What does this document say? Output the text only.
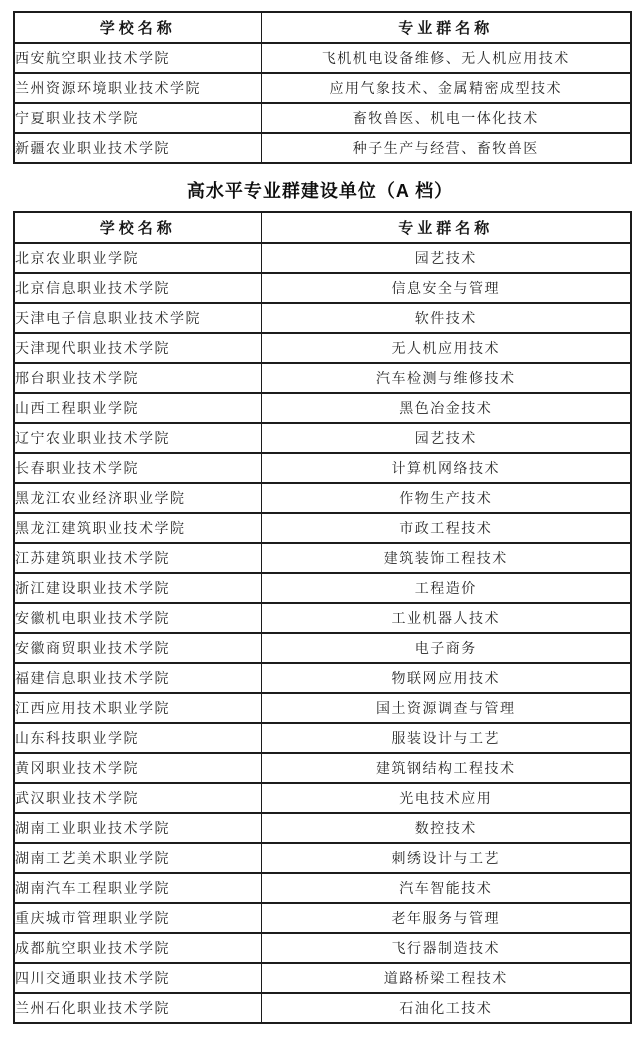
学校名称	专业群名称
西安航空职业技术学院	飞机机电设备维修、无人机应用技术
兰州资源环境职业技术学院	应用气象技术、金属精密成型技术
宁夏职业技术学院	畜牧兽医、机电一体化技术
新疆农业职业技术学院	种子生产与经营、畜牧兽医
高水平专业群建设单位（A 档）
学校名称	专业群名称
北京农业职业学院	园艺技术
北京信息职业技术学院	信息安全与管理
天津电子信息职业技术学院	软件技术
天津现代职业技术学院	无人机应用技术
邢台职业技术学院	汽车检测与维修技术
山西工程职业学院	黑色冶金技术
辽宁农业职业技术学院	园艺技术
长春职业技术学院	计算机网络技术
黑龙江农业经济职业学院	作物生产技术
黑龙江建筑职业技术学院	市政工程技术
江苏建筑职业技术学院	建筑装饰工程技术
浙江建设职业技术学院	工程造价
安徽机电职业技术学院	工业机器人技术
安徽商贸职业技术学院	电子商务
福建信息职业技术学院	物联网应用技术
江西应用技术职业学院	国土资源调查与管理
山东科技职业学院	服装设计与工艺
黄冈职业技术学院	建筑钢结构工程技术
武汉职业技术学院	光电技术应用
湖南工业职业技术学院	数控技术
湖南工艺美术职业学院	刺绣设计与工艺
湖南汽车工程职业学院	汽车智能技术
重庆城市管理职业学院	老年服务与管理
成都航空职业技术学院	飞行器制造技术
四川交通职业技术学院	道路桥梁工程技术
兰州石化职业技术学院	石油化工技术
